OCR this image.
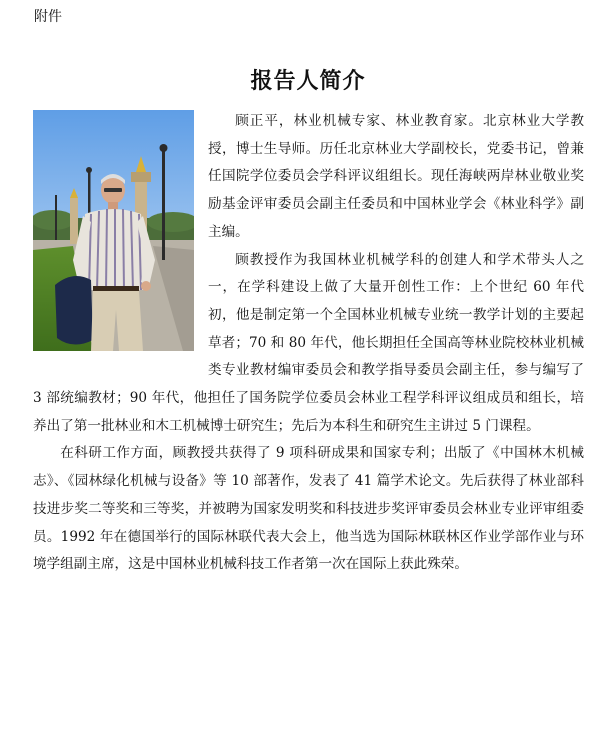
附件
报告人简介

顾正平，林业机械专家、林业教育家。北京林业大学教授，博士生导师。历任北京林业大学副校长，党委书记，曾兼任国院学位委员会学科评议组组长。现任海峡两岸林业敬业奖励基金评审委员会副主任委员和中国林业学会《林业科学》副主编。

顾教授作为我国林业机械学科的创建人和学术带头人之一，在学科建设上做了大量开创性工作：上个世纪 60 年代初，他是制定第一个全国林业机械专业统一教学计划的主要起草者；70 和 80 年代，他长期担任全国高等林业院校林业机械类专业教材编审委员会和教学指导委员会副主任，参与编写了 3 部统编教材；90 年代，他担任了国务院学位委员会林业工程学科评议组成员和组长，培养出了第一批林业和木工机械博士研究生；先后为本科生和研究生主讲过 5 门课程。

在科研工作方面，顾教授共获得了 9 项科研成果和国家专利；出版了《中国林木机械志》、《园林绿化机械与设备》等 10 部著作，发表了 41 篇学术论文。先后获得了林业部科技进步奖二等奖和三等奖，并被聘为国家发明奖和科技进步奖评审委员会林业专业评审组委员。1992 年在德国举行的国际林联代表大会上，他当选为国际林联林区作业学部作业与环境学组副主席，这是中国林业机械科技工作者第一次在国际上获此殊荣。
